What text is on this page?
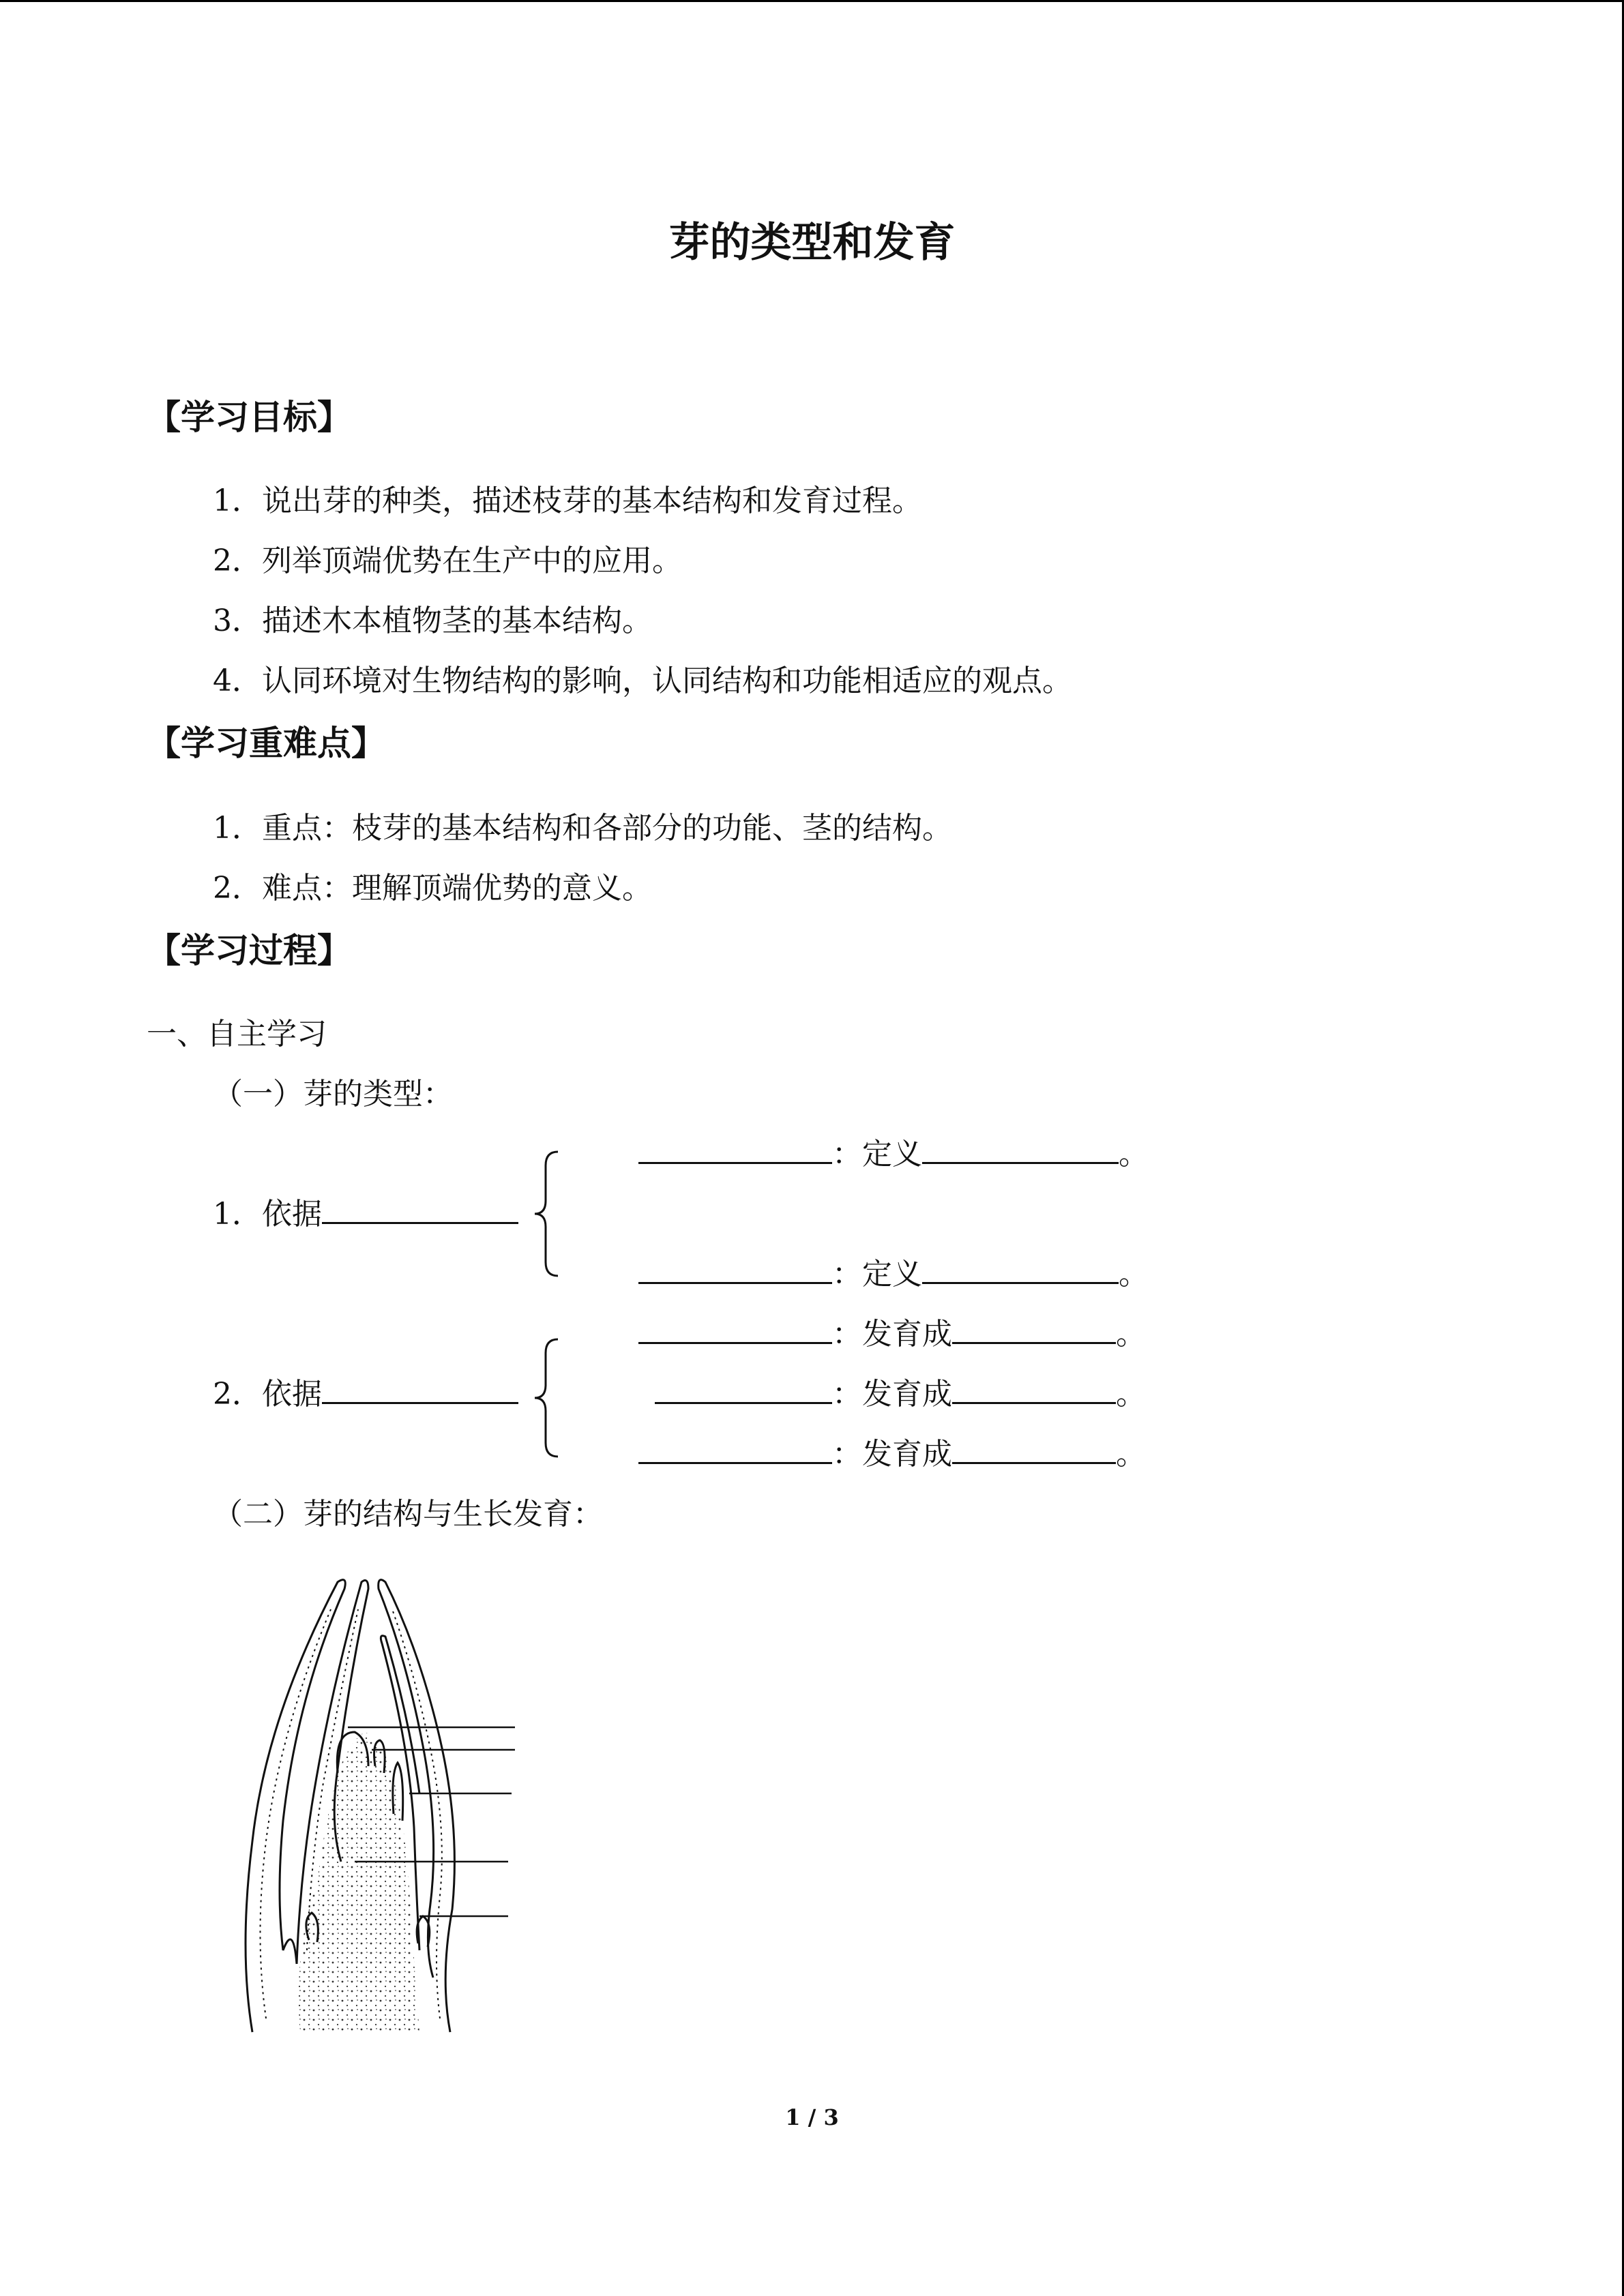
芽的类型和发育
【学习目标】
1．说出芽的种类，描述枝芽的基本结构和发育过程。
2．列举顶端优势在生产中的应用。
3．描述木本植物茎的基本结构。
4．认同环境对生物结构的影响，认同结构和功能相适应的观点。
【学习重难点】
1．重点：枝芽的基本结构和各部分的功能、茎的结构。
2．难点：理解顶端优势的意义。
【学习过程】
一、自主学习
（一）芽的类型：
1．依据
：定义	。
：定义	。
2．依据
：发育成	。
：发育成	。
：发育成	。
（二）芽的结构与生长发育：
1 / 3
